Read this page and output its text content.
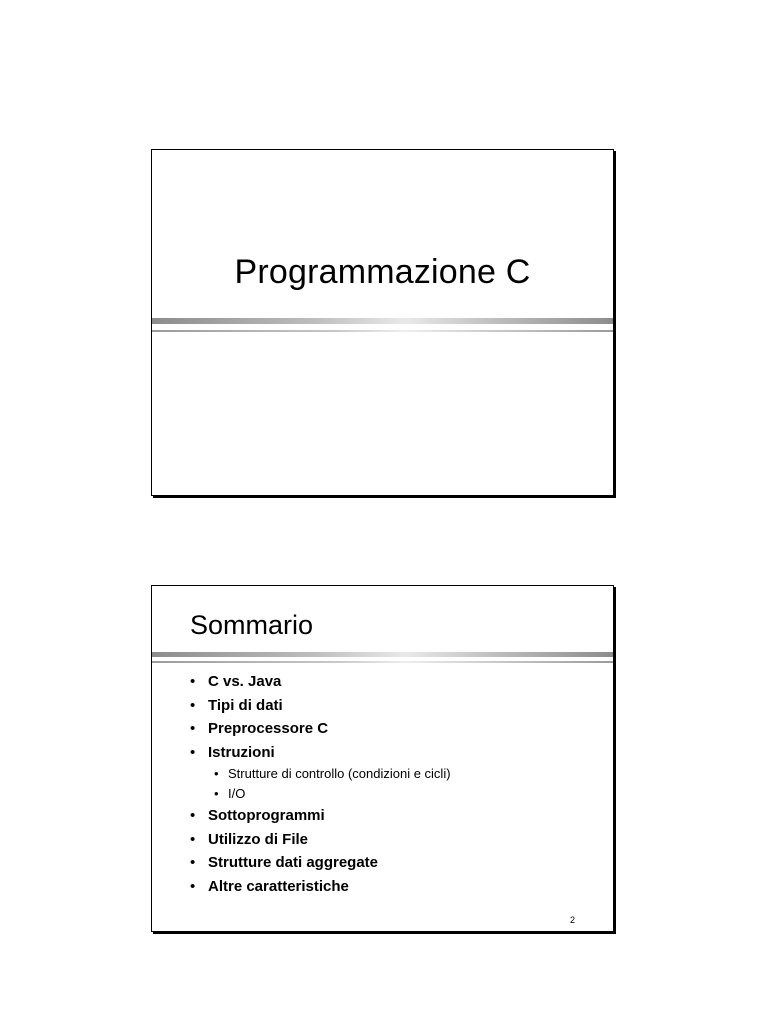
Programmazione C
Sommario
• C vs. Java
• Tipi di dati
• Preprocessore C
• Istruzioni
• Strutture di controllo (condizioni e cicli)
• I/O
• Sottoprogrammi
• Utilizzo di File
• Strutture dati aggregate
• Altre caratteristiche
2
